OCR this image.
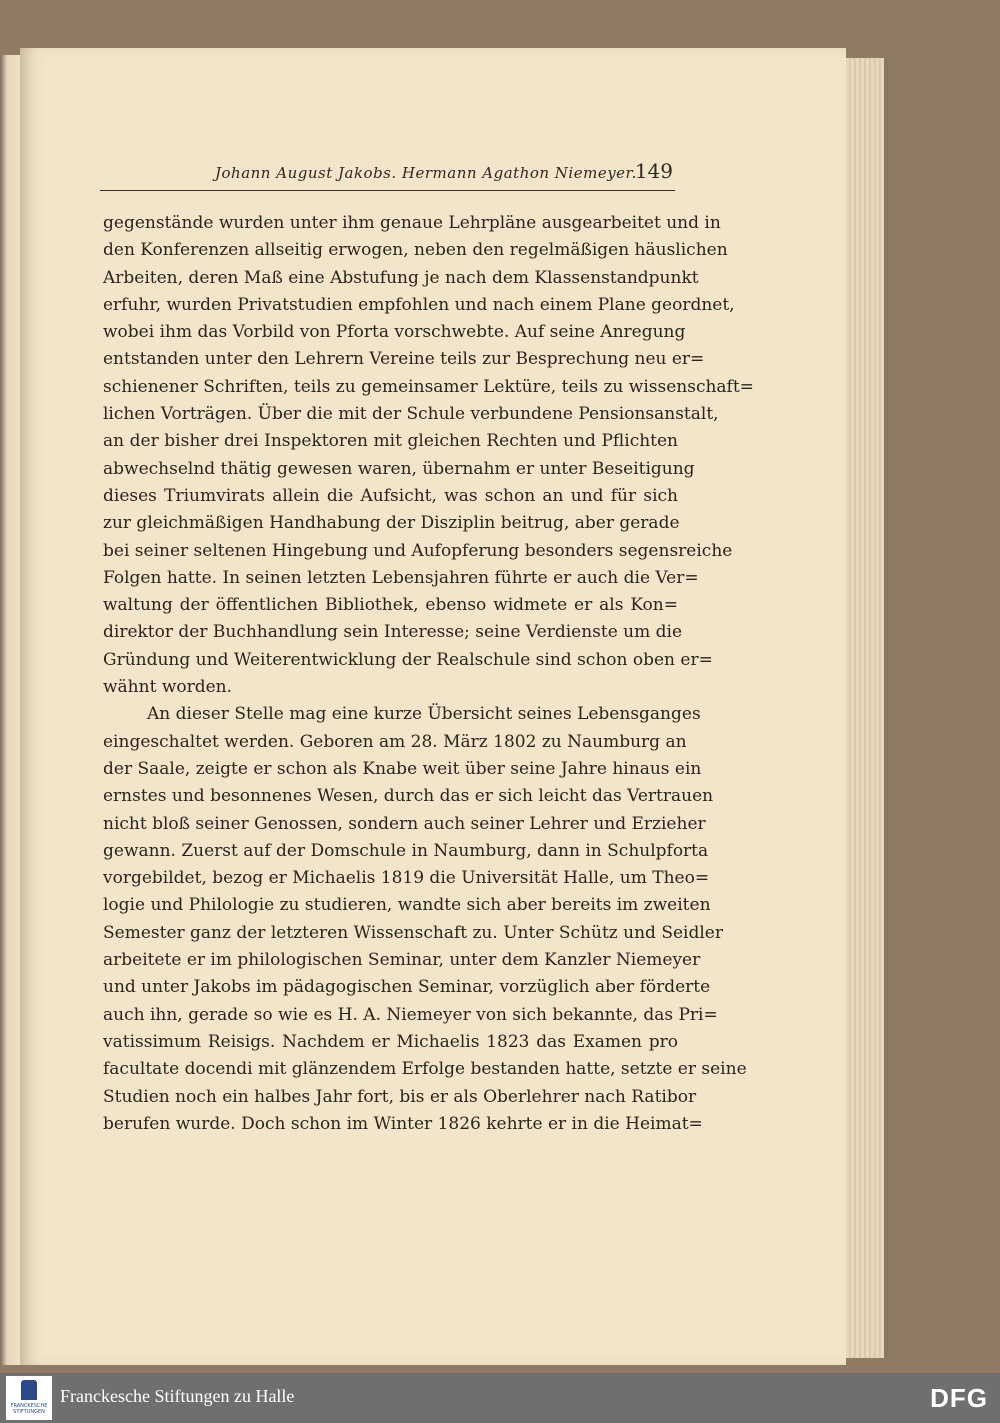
Johann August Jakobs. Hermann Agathon Niemeyer.
149
gegenstände wurden unter ihm genaue Lehrpläne ausgearbeitet und in
den Konferenzen allseitig erwogen, neben den regelmäßigen häuslichen
Arbeiten, deren Maß eine Abstufung je nach dem Klassenstandpunkt
erfuhr, wurden Privatstudien empfohlen und nach einem Plane geordnet,
wobei ihm das Vorbild von Pforta vorschwebte. Auf seine Anregung
entstanden unter den Lehrern Vereine teils zur Besprechung neu er=
schienener Schriften, teils zu gemeinsamer Lektüre, teils zu wissenschaft=
lichen Vorträgen. Über die mit der Schule verbundene Pensionsanstalt,
an der bisher drei Inspektoren mit gleichen Rechten und Pflichten
abwechselnd thätig gewesen waren, übernahm er unter Beseitigung
dieses Triumvirats allein die Aufsicht, was schon an und für sich
zur gleichmäßigen Handhabung der Disziplin beitrug, aber gerade
bei seiner seltenen Hingebung und Aufopferung besonders segensreiche
Folgen hatte. In seinen letzten Lebensjahren führte er auch die Ver=
waltung der öffentlichen Bibliothek, ebenso widmete er als Kon=
direktor der Buchhandlung sein Interesse; seine Verdienste um die
Gründung und Weiterentwicklung der Realschule sind schon oben er=
wähnt worden.
An dieser Stelle mag eine kurze Übersicht seines Lebensganges
eingeschaltet werden. Geboren am 28. März 1802 zu Naumburg an
der Saale, zeigte er schon als Knabe weit über seine Jahre hinaus ein
ernstes und besonnenes Wesen, durch das er sich leicht das Vertrauen
nicht bloß seiner Genossen, sondern auch seiner Lehrer und Erzieher
gewann. Zuerst auf der Domschule in Naumburg, dann in Schulpforta
vorgebildet, bezog er Michaelis 1819 die Universität Halle, um Theo=
logie und Philologie zu studieren, wandte sich aber bereits im zweiten
Semester ganz der letzteren Wissenschaft zu. Unter Schütz und Seidler
arbeitete er im philologischen Seminar, unter dem Kanzler Niemeyer
und unter Jakobs im pädagogischen Seminar, vorzüglich aber förderte
auch ihn, gerade so wie es H. A. Niemeyer von sich bekannte, das Pri=
vatissimum Reisigs. Nachdem er Michaelis 1823 das Examen pro
facultate docendi mit glänzendem Erfolge bestanden hatte, setzte er seine
Studien noch ein halbes Jahr fort, bis er als Oberlehrer nach Ratibor
berufen wurde. Doch schon im Winter 1826 kehrte er in die Heimat=
FRANCKESCHE
STIFTUNGEN
Franckesche Stiftungen zu Halle	DFG
